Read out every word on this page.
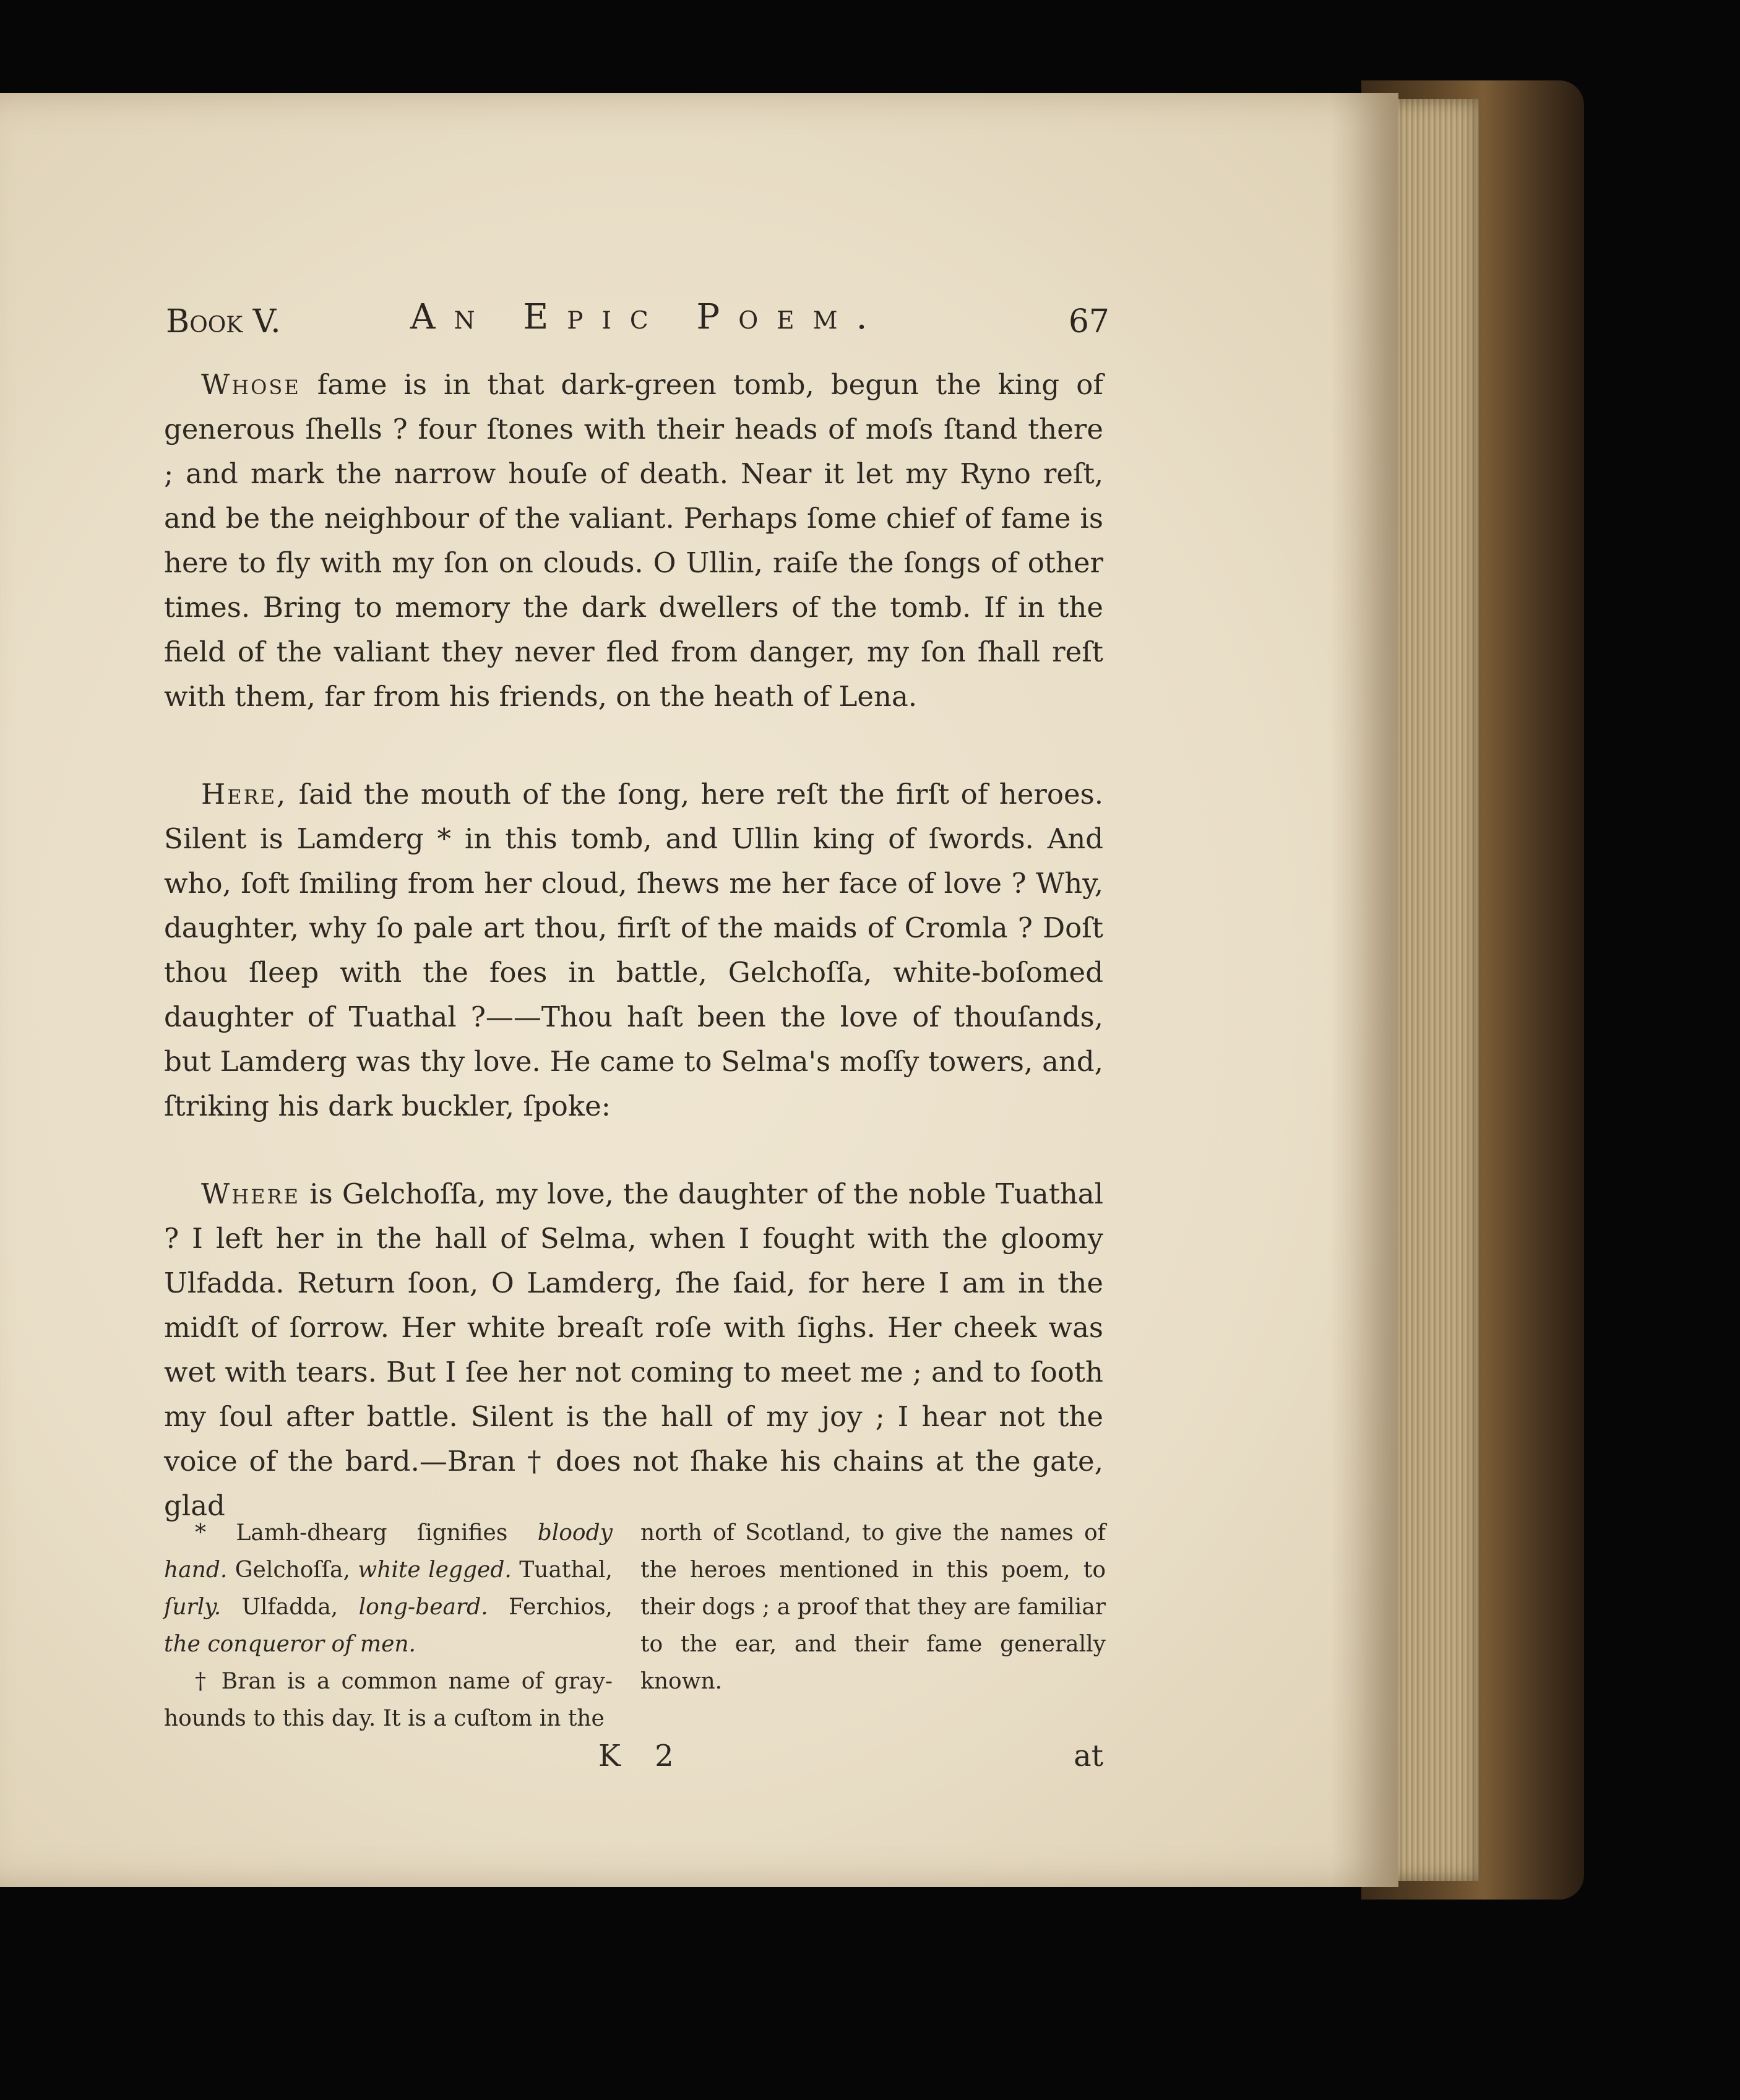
Book V.	An Epic Poem.	67

Whose fame is in that dark-green tomb, begun the king of generous ſhells ? four ſtones with their heads of moſs ſtand there ; and mark the narrow houſe of death. Near it let my Ryno reſt, and be the neighbour of the valiant. Perhaps ſome chief of fame is here to fly with my ſon on clouds. O Ullin, raiſe the ſongs of other times. Bring to memory the dark dwellers of the tomb. If in the field of the valiant they never fled from danger, my ſon ſhall reſt with them, far from his friends, on the heath of Lena.

Here, ſaid the mouth of the ſong, here reſt the firſt of heroes. Silent is Lamderg * in this tomb, and Ullin king of ſwords. And who, ſoft ſmiling from her cloud, ſhews me her face of love ? Why, daughter, why ſo pale art thou, firſt of the maids of Cromla ? Doſt thou ſleep with the foes in battle, Gelchoſſa, white-boſomed daughter of Tuathal ?——Thou haſt been the love of thouſands, but Lamderg was thy love. He came to Selma's moſſy towers, and, ſtriking his dark buckler, ſpoke:

Where is Gelchoſſa, my love, the daughter of the noble Tuathal ? I left her in the hall of Selma, when I fought with the gloomy Ulfadda. Return ſoon, O Lamderg, ſhe ſaid, for here I am in the midſt of ſorrow. Her white breaſt roſe with ſighs. Her cheek was wet with tears. But I ſee her not coming to meet me ; and to ſooth my ſoul after battle. Silent is the hall of my joy ; I hear not the voice of the bard.—Bran † does not ſhake his chains at the gate, glad

* Lamh-dhearg ſignifies bloody hand. Gelchoſſa, white legged. Tuathal, ſurly. Ulfadda, long-beard. Ferchios, the conqueror of men.

† Bran is a common name of gray-hounds to this day. It is a cuſtom in the

north of Scotland, to give the names of the heroes mentioned in this poem, to their dogs ; a proof that they are familiar to the ear, and their fame generally known.

K 2	at
